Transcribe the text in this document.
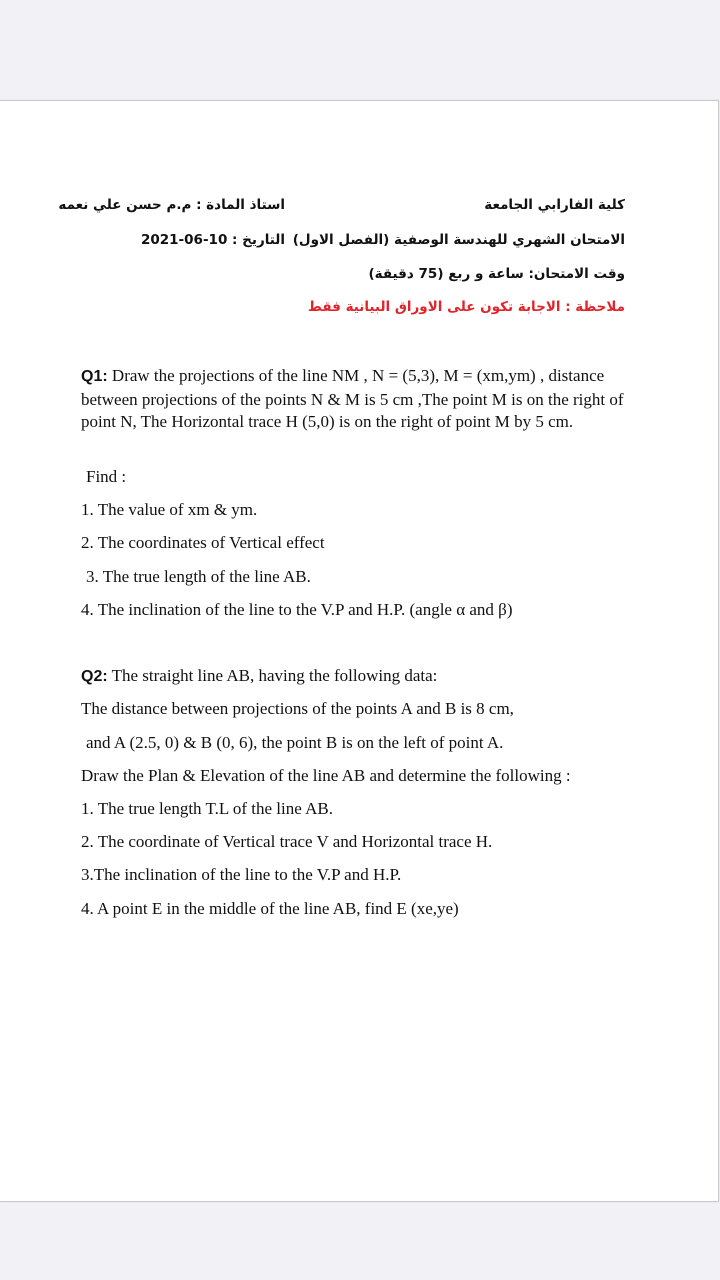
كلية الفارابي الجامعة
الامتحان الشهري للهندسة الوصفية (الفصل الاول)
وقت الامتحان: ساعة و ربع (75 دقيقة)
ملاحظة : الاجابة تكون على الاوراق البيانية فقط
استاذ المادة : م.م حسن علي نعمه
التاريخ : 10-06-2021
Q1: Draw the projections of the line NM , N = (5,3), M = (xm,ym) , distance between projections of the points N & M is 5 cm ,The point M is on the right of point N, The Horizontal trace H (5,0) is on the right of point M by 5 cm.
Find :
1. The value of xm & ym.
2. The coordinates of Vertical effect
3. The true length of the line AB.
4. The inclination of the line to the V.P and H.P. (angle α and β)
Q2: The straight line AB, having the following data:
The distance between projections of the points A and B is 8 cm,
and A (2.5, 0) & B (0, 6), the point B is on the left of point A.
Draw the Plan & Elevation of the line AB and determine the following :
1. The true length T.L of the line AB.
2. The coordinate of Vertical trace V and Horizontal trace H.
3.The inclination of the line to the V.P and H.P.
4. A point E in the middle of the line AB, find E (xe,ye)
